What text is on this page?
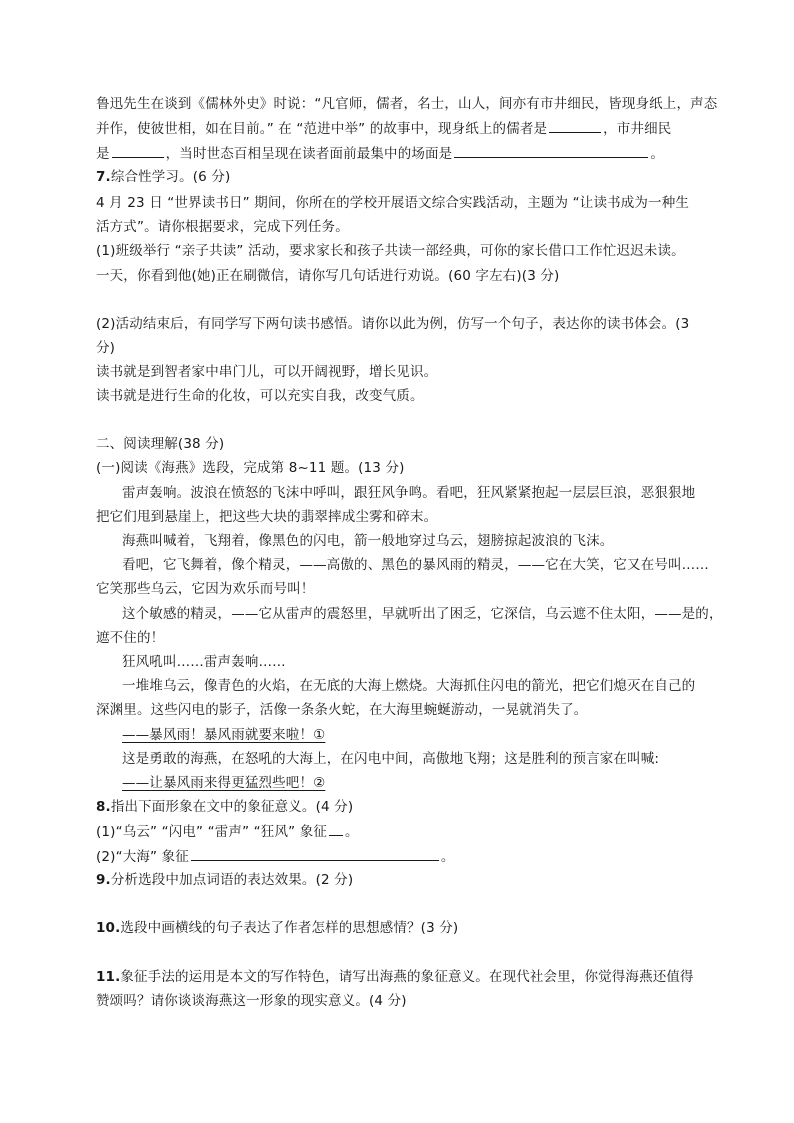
鲁迅先生在谈到《儒林外史》时说：“凡官师，儒者，名士，山人，间亦有市井细民，皆现身纸上，声态
并作，使彼世相，如在目前。” 在 “范进中举” 的故事中，现身纸上的儒者是	，市井细民
是	，当时世态百相呈现在读者面前最集中的场面是	。
7.综合性学习。(6 分)
4 月 23 日 “世界读书日” 期间，你所在的学校开展语文综合实践活动，主题为 “让读书成为一种生
活方式”。请你根据要求，完成下列任务。
(1)班级举行 “亲子共读” 活动，要求家长和孩子共读一部经典，可你的家长借口工作忙迟迟未读。
一天，你看到他(她)正在刷微信，请你写几句话进行劝说。(60 字左右)(3 分)
(2)活动结束后，有同学写下两句读书感悟。请你以此为例，仿写一个句子，表达你的读书体会。(3
分)
读书就是到智者家中串门儿，可以开阔视野，增长见识。
读书就是进行生命的化妆，可以充实自我，改变气质。
二、阅读理解(38 分)
(一)阅读《海燕》选段，完成第 8~11 题。(13 分)
雷声轰响。波浪在愤怒的飞沫中呼叫，跟狂风争鸣。看吧，狂风紧紧抱起一层层巨浪，恶狠狠地
把它们甩到悬崖上，把这些大块的翡翠摔成尘雾和碎末。
海燕叫喊着，飞翔着，像黑色的闪电，箭一般地穿过乌云，翅膀掠起波浪的飞沫。
看吧，它飞舞着，像个精灵，——高傲的、黑色的暴风雨的精灵，——它在大笑，它又在号叫……
它笑那些乌云，它因为欢乐而号叫！
这个敏感的精灵，——它从雷声的震怒里，早就听出了困乏，它深信，乌云遮不住太阳，——是的，
遮不住的！
狂风吼叫……雷声轰响……
一堆堆乌云，像青色的火焰，在无底的大海上燃烧。大海抓住闪电的箭光，把它们熄灭在自己的
深渊里。这些闪电的影子，活像一条条火蛇，在大海里蜿蜒游动，一晃就消失了。
——暴风雨！暴风雨就要来啦！①
这是勇敢的海燕，在怒吼的大海上，在闪电中间，高傲地飞翔；这是胜利的预言家在叫喊:
——让暴风雨来得更猛烈些吧！②
8.指出下面形象在文中的象征意义。(4 分)
(1)“乌云” “闪电” “雷声” “狂风” 象征 。
(2)“大海” 象征	。
9.分析选段中加点词语的表达效果。(2 分)
10.选段中画横线的句子表达了作者怎样的思想感情？(3 分)
11.象征手法的运用是本文的写作特色，请写出海燕的象征意义。在现代社会里，你觉得海燕还值得
赞颂吗？请你谈谈海燕这一形象的现实意义。(4 分)
